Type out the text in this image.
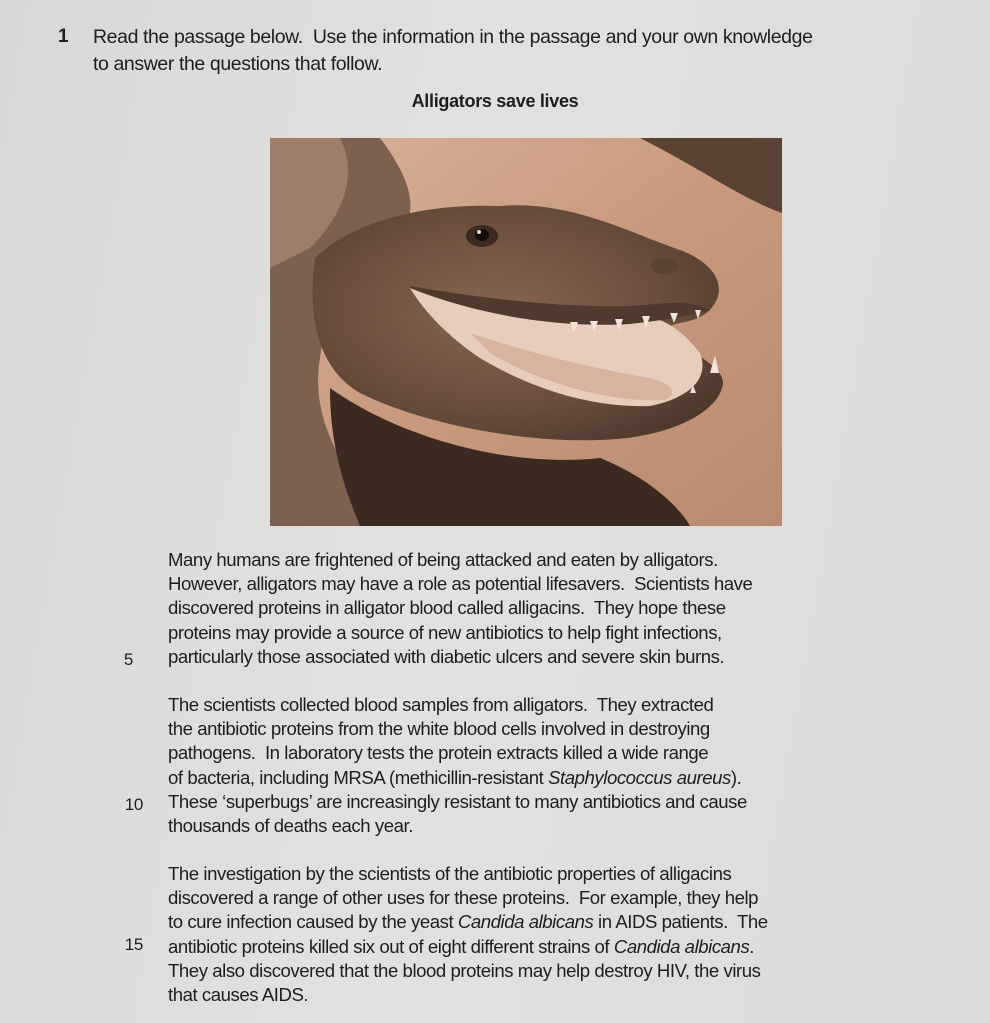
1 Read the passage below.  Use the information in the passage and your own knowledge
to answer the questions that follow.
Alligators save lives
Many humans are frightened of being attacked and eaten by alligators.
However, alligators may have a role as potential lifesavers.  Scientists have
discovered proteins in alligator blood called alligacins.  They hope these
proteins may provide a source of new antibiotics to help fight infections,
particularly those associated with diabetic ulcers and severe skin burns.
5
The scientists collected blood samples from alligators.  They extracted
the antibiotic proteins from the white blood cells involved in destroying
pathogens.  In laboratory tests the protein extracts killed a wide range
of bacteria, including MRSA (methicillin-resistant Staphylococcus aureus).
These ‘superbugs’ are increasingly resistant to many antibiotics and cause
thousands of deaths each year.
10
The investigation by the scientists of the antibiotic properties of alligacins
discovered a range of other uses for these proteins.  For example, they help
to cure infection caused by the yeast Candida albicans in AIDS patients.  The
antibiotic proteins killed six out of eight different strains of Candida albicans.
They also discovered that the blood proteins may help destroy HIV, the virus
that causes AIDS.
15
